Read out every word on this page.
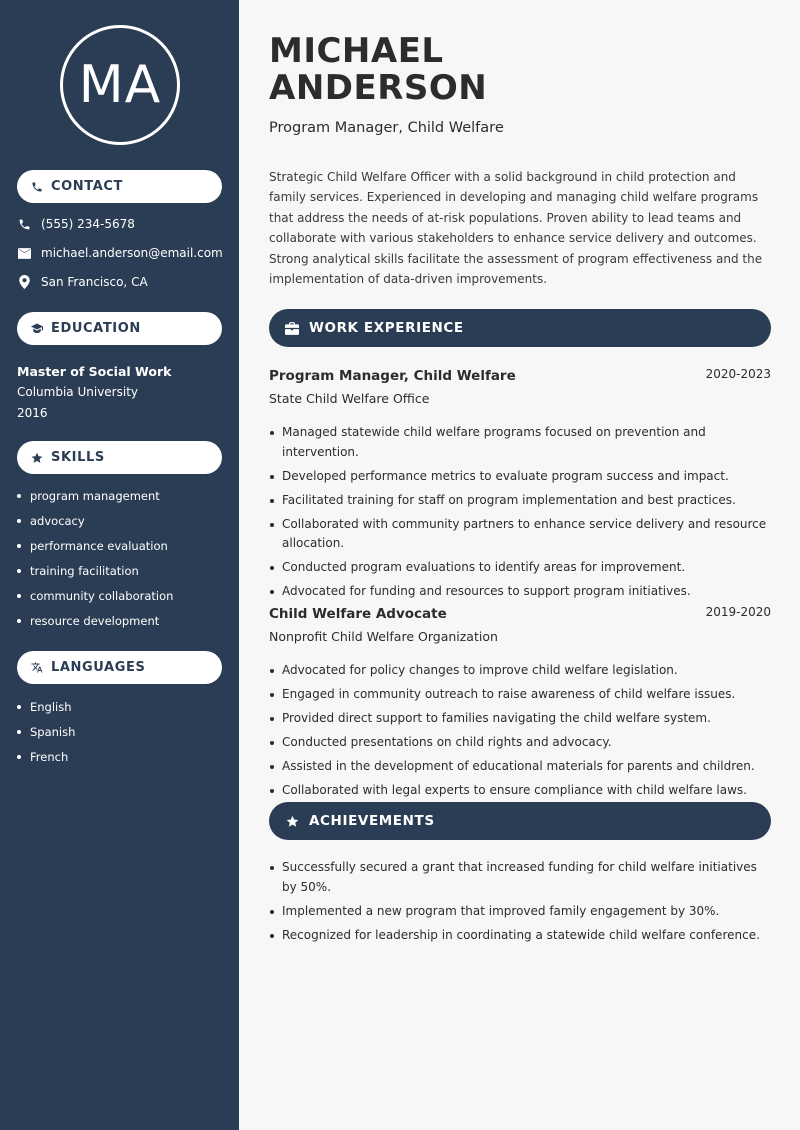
MA
CONTACT
(555) 234-5678
michael.anderson@email.com
San Francisco, CA
EDUCATION
Master of Social Work
Columbia University
2016
SKILLS
program management
advocacy
performance evaluation
training facilitation
community collaboration
resource development
LANGUAGES
English
Spanish
French
MICHAEL
ANDERSON
Program Manager, Child Welfare

Strategic Child Welfare Officer with a solid background in child protection and family services. Experienced in developing and managing child welfare programs that address the needs of at-risk populations. Proven ability to lead teams and collaborate with various stakeholders to enhance service delivery and outcomes. Strong analytical skills facilitate the assessment of program effectiveness and the implementation of data-driven improvements.

WORK EXPERIENCE
Program Manager, Child Welfare	2020-2023
State Child Welfare Office
Managed statewide child welfare programs focused on prevention and intervention.
Developed performance metrics to evaluate program success and impact.
Facilitated training for staff on program implementation and best practices.
Collaborated with community partners to enhance service delivery and resource allocation.
Conducted program evaluations to identify areas for improvement.
Advocated for funding and resources to support program initiatives.
Child Welfare Advocate	2019-2020
Nonprofit Child Welfare Organization
Advocated for policy changes to improve child welfare legislation.
Engaged in community outreach to raise awareness of child welfare issues.
Provided direct support to families navigating the child welfare system.
Conducted presentations on child rights and advocacy.
Assisted in the development of educational materials for parents and children.
Collaborated with legal experts to ensure compliance with child welfare laws.
ACHIEVEMENTS
Successfully secured a grant that increased funding for child welfare initiatives by 50%.
Implemented a new program that improved family engagement by 30%.
Recognized for leadership in coordinating a statewide child welfare conference.
